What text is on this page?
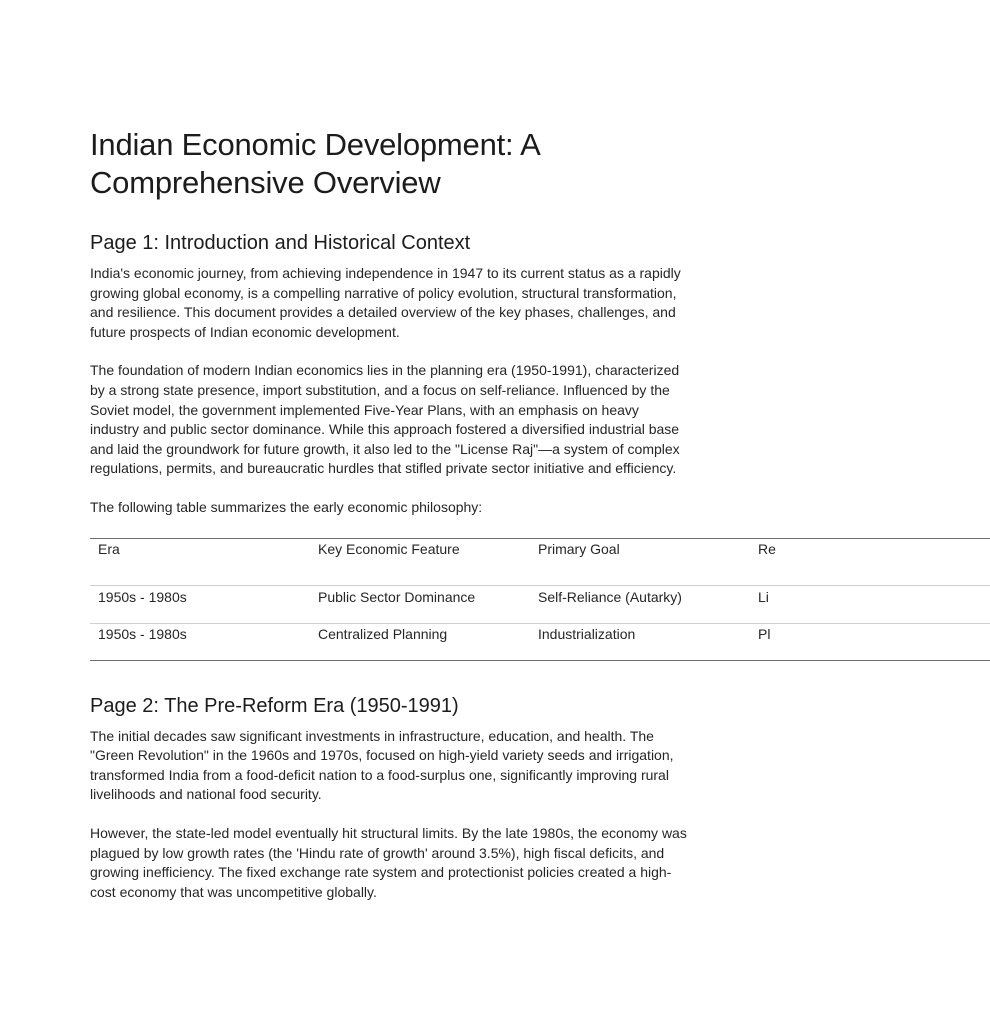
Indian Economic Development: A Comprehensive Overview
Page 1: Introduction and Historical Context

India's economic journey, from achieving independence in 1947 to its current status as a rapidly growing global economy, is a compelling narrative of policy evolution, structural transformation, and resilience. This document provides a detailed overview of the key phases, challenges, and future prospects of Indian economic development.

The foundation of modern Indian economics lies in the planning era (1950-1991), characterized by a strong state presence, import substitution, and a focus on self-reliance. Influenced by the Soviet model, the government implemented Five-Year Plans, with an emphasis on heavy industry and public sector dominance. While this approach fostered a diversified industrial base and laid the groundwork for future growth, it also led to the "License Raj"—a system of complex regulations, permits, and bureaucratic hurdles that stifled private sector initiative and efficiency.

The following table summarizes the early economic philosophy:

Era	Key Economic Feature	Primary Goal	Re
1950s - 1980s	Public Sector Dominance	Self-Reliance (Autarky)	Li
1950s - 1980s	Centralized Planning	Industrialization	Pl
Page 2: The Pre-Reform Era (1950-1991)

The initial decades saw significant investments in infrastructure, education, and health. The "Green Revolution" in the 1960s and 1970s, focused on high-yield variety seeds and irrigation, transformed India from a food-deficit nation to a food-surplus one, significantly improving rural livelihoods and national food security.

However, the state-led model eventually hit structural limits. By the late 1980s, the economy was plagued by low growth rates (the 'Hindu rate of growth' around 3.5%), high fiscal deficits, and growing inefficiency. The fixed exchange rate system and protectionist policies created a high-cost economy that was uncompetitive globally.
